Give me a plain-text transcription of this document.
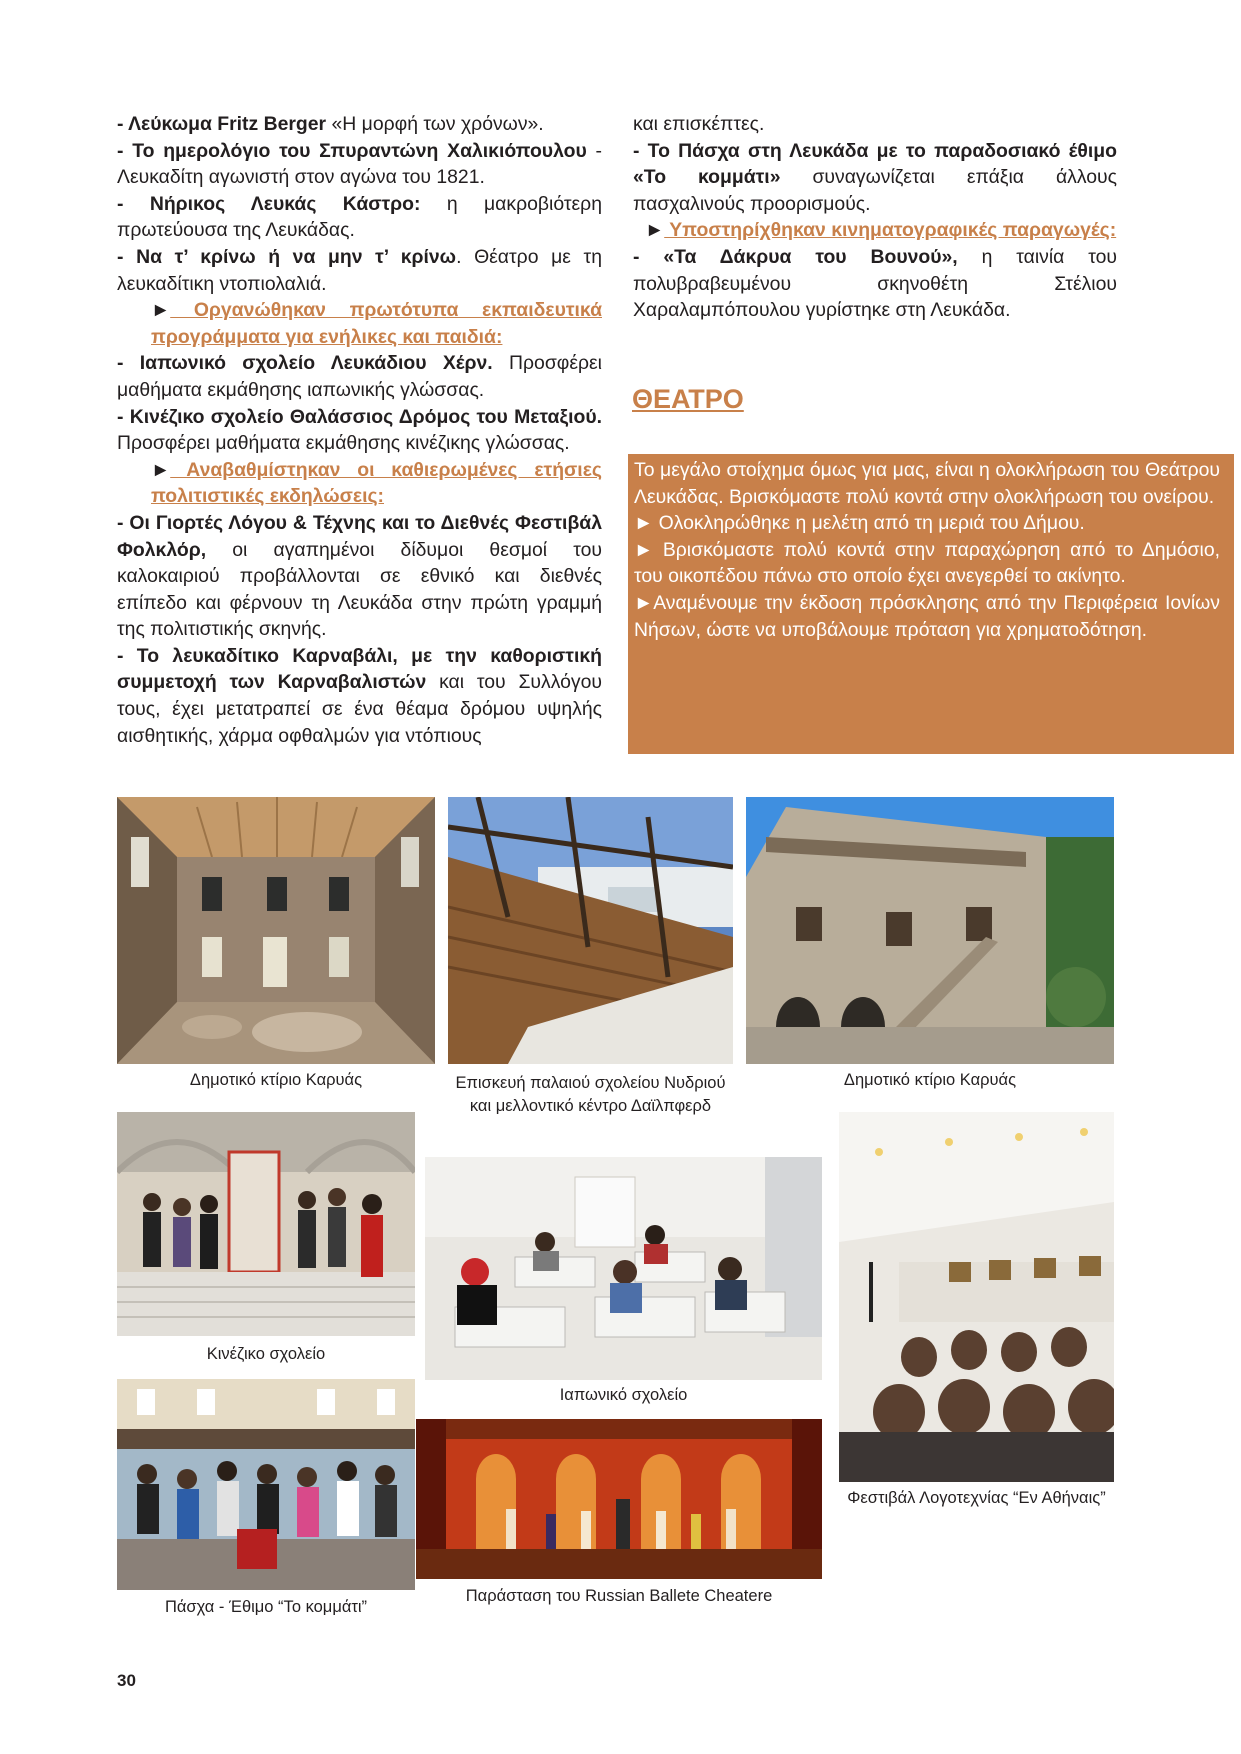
- Λεύκωμα Fritz Berger «Η μορφή των χρόνων».

- Το ημερολόγιο του Σπυραντώνη Χαλικιόπουλου - Λευκαδίτη αγωνιστή στον αγώνα του 1821.

- Νήρικος Λευκάς Κάστρο: η μακροβιότερη πρωτεύουσα της Λευκάδας.

- Να τ’ κρίνω ή να μην τ’ κρίνω. Θέατρο με τη λευκαδίτικη ντοπιολαλιά.

► Οργανώθηκαν πρωτότυπα εκπαιδευτικά προγράμματα για ενήλικες και παιδιά:

- Ιαπωνικό σχολείο Λευκάδιου Χέρν. Προσφέρει μαθήματα εκμάθησης ιαπωνικής γλώσσας.

- Κινέζικο σχολείο Θαλάσσιος Δρόμος του Μεταξιού. Προσφέρει μαθήματα εκμάθησης κινέζικης γλώσσας.

► Αναβαθμίστηκαν οι καθιερωμένες ετήσιες πολιτιστικές εκδηλώσεις:

- Οι Γιορτές Λόγου & Τέχνης και το Διεθνές Φεστιβάλ Φολκλόρ, οι αγαπημένοι δίδυμοι θεσμοί του καλοκαιριού προβάλλονται σε εθνικό και διεθνές επίπεδο και φέρνουν τη Λευκάδα στην πρώτη γραμμή της πολιτιστικής σκηνής.

- Το λευκαδίτικο Καρναβάλι, με την καθοριστική συμμετοχή των Καρναβαλιστών και του Συλλόγου τους, έχει μετατραπεί σε ένα θέαμα δρόμου υψηλής αισθητικής, χάρμα οφθαλμών για ντόπιους

και επισκέπτες.

- Το Πάσχα στη Λευκάδα με το παραδοσιακό έθιμο «Το κομμάτι» συναγωνίζεται επάξια άλλους πασχαλινούς προορισμούς.

► Υποστηρίχθηκαν κινηματογραφικές παραγωγές:

- «Τα Δάκρυα του Βουνού», η ταινία του πολυβραβευμένου σκηνοθέτη Στέλιου Χαραλαμπόπουλου γυρίστηκε στη Λευκάδα.

ΘΕΑΤΡΟ

Το μεγάλο στοίχημα όμως για μας, είναι η ολοκλήρωση του Θεάτρου Λευκάδας. Βρισκόμαστε πολύ κοντά στην ολοκλήρωση του ονείρου.

► Ολοκληρώθηκε η μελέτη από τη μεριά του Δήμου.

► Βρισκόμαστε πολύ κοντά στην παραχώρηση από το Δημόσιο, του οικοπέδου πάνω στο οποίο έχει ανεγερθεί το ακίνητο.

►Αναμένουμε την έκδοση πρόσκλησης από την Περιφέρεια Ιονίων Νήσων, ώστε να υποβάλουμε πρόταση για χρηματοδότηση.

Δημοτικό κτίριο Καρυάς	Επισκευή παλαιού σχολείου Νυδριού
και μελλοντικό κέντρο Δαϊλπφερδ
Δημοτικό κτίριο Καρυάς
Κινέζικο σχολείο
Ιαπωνικό σχολείο
Φεστιβάλ Λογοτεχνίας “Εν Αθήναις”
Πάσχα - Έθιμο “Το κομμάτι”
Παράσταση του Russian Ballete Cheatere
30
